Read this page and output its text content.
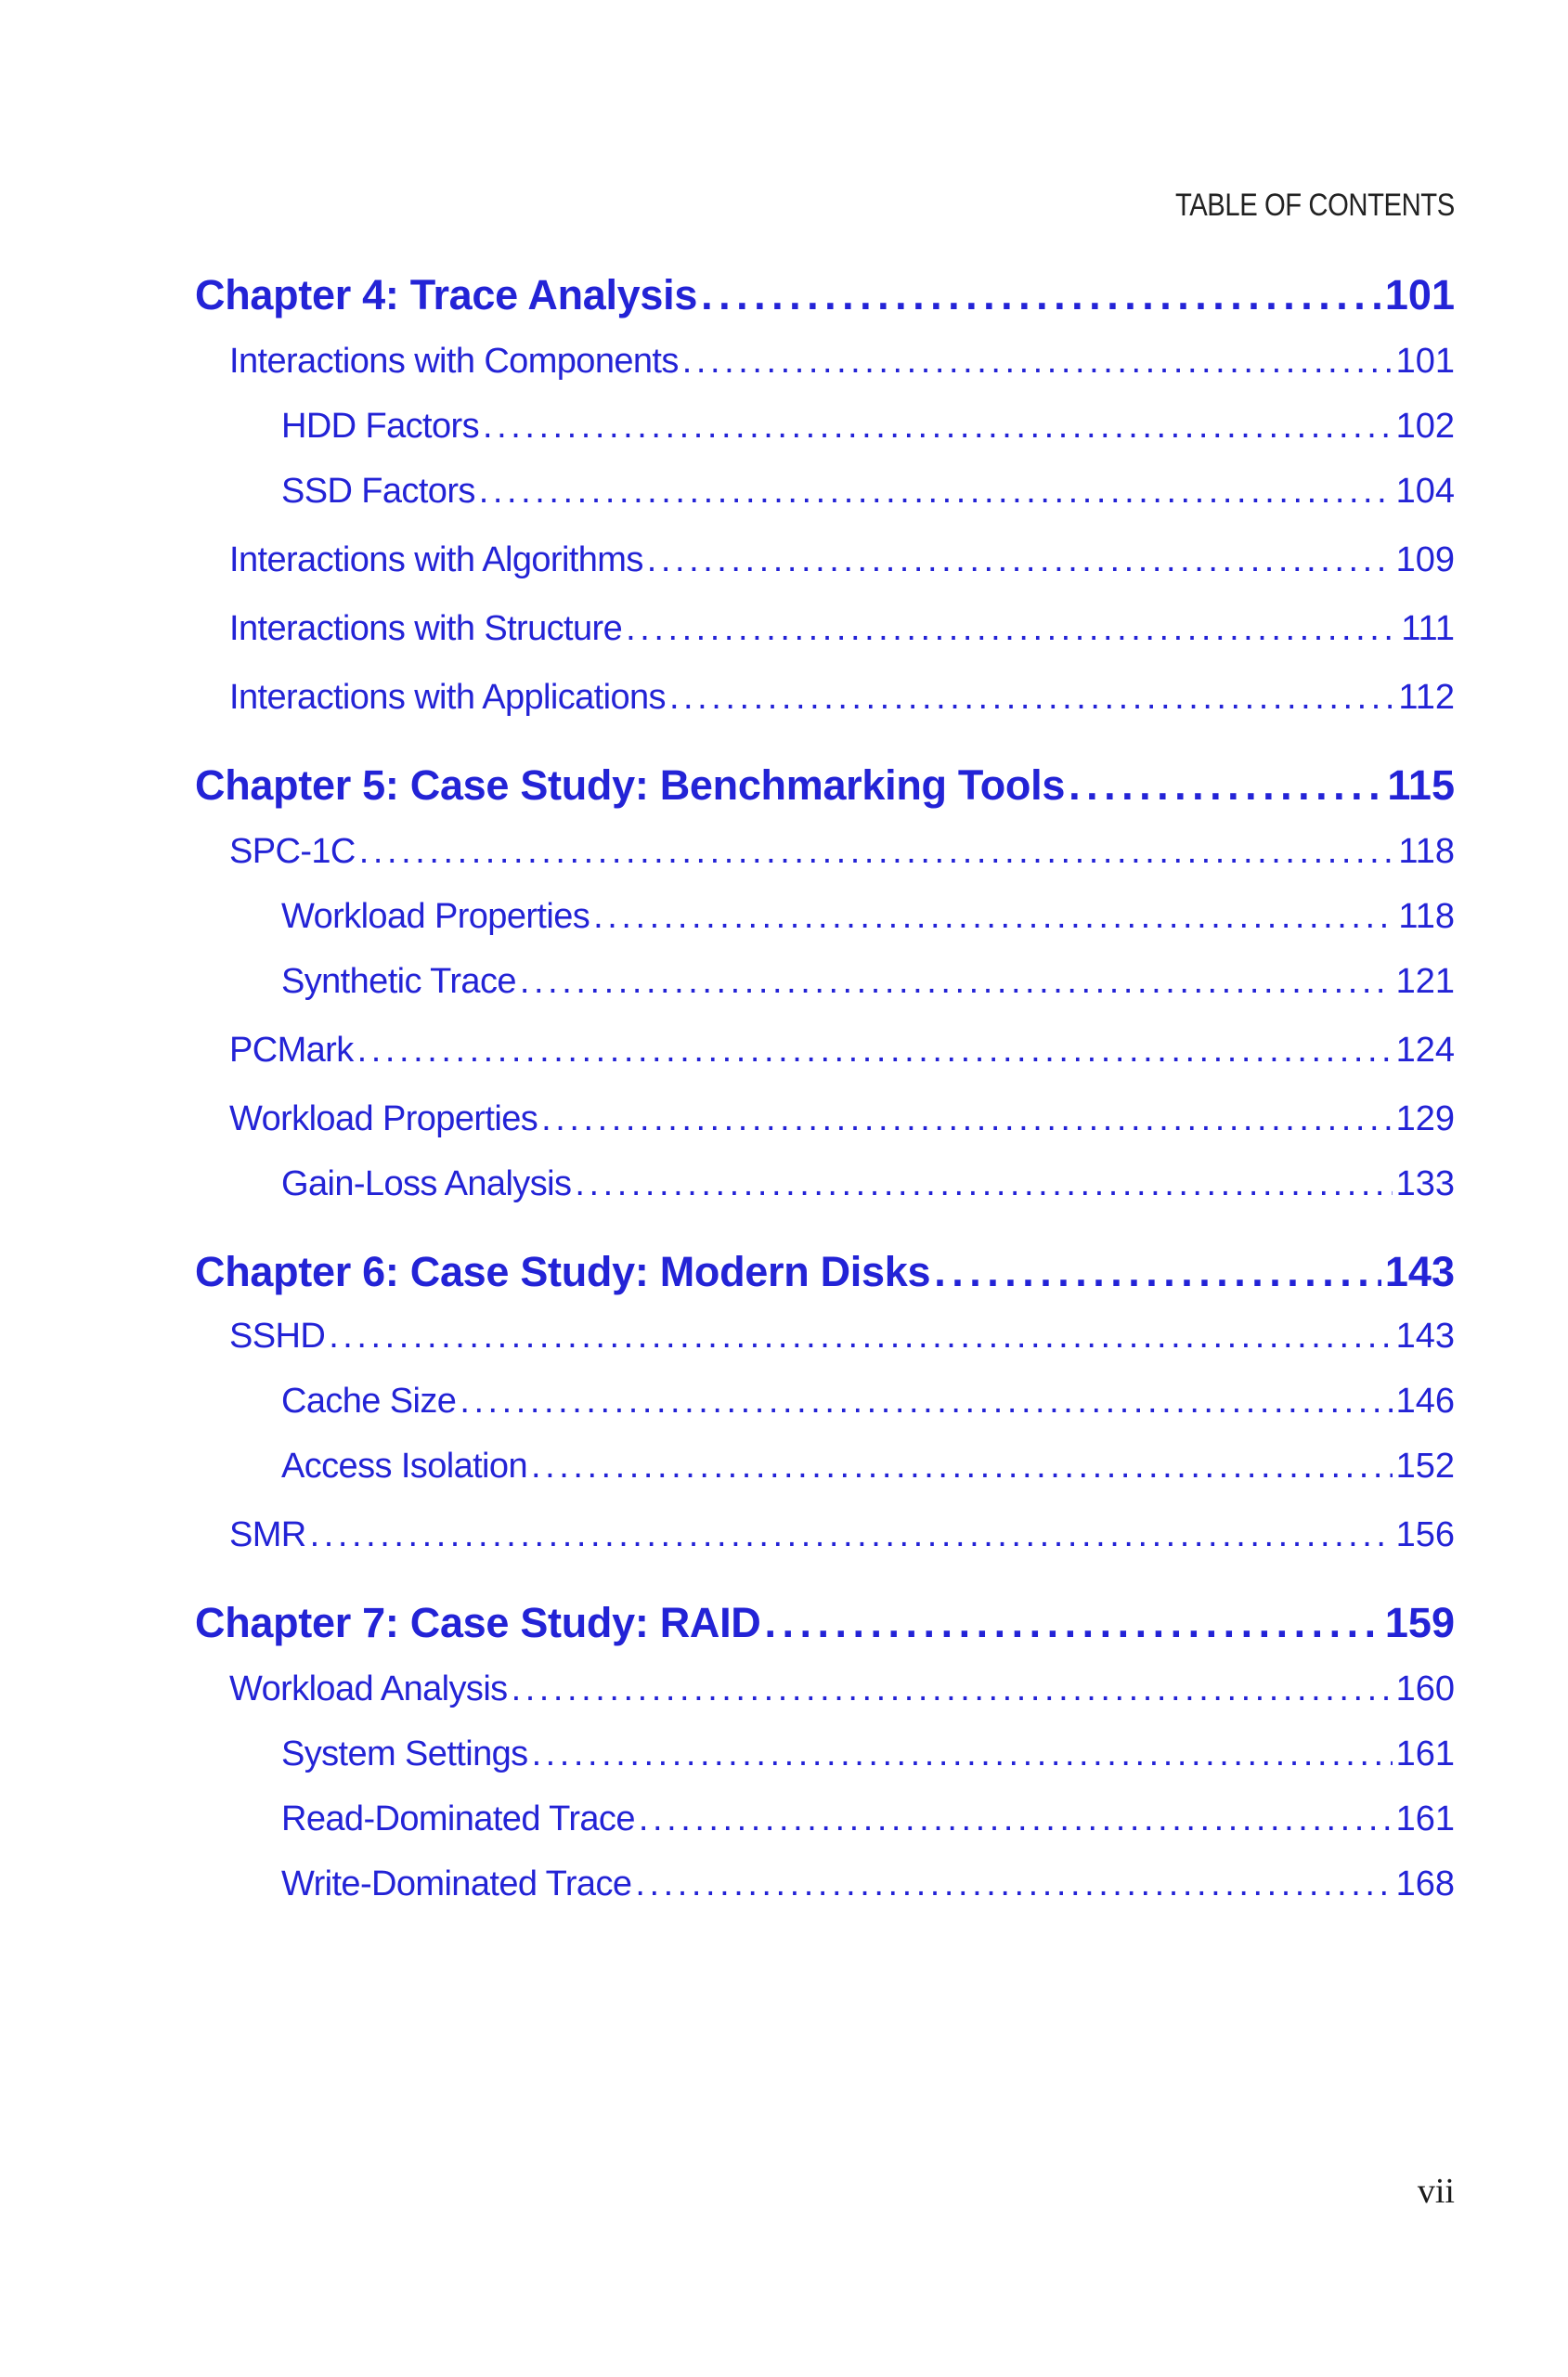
TABLE OF CONTENTS
Chapter 4: Trace Analysis . . .	101
Interactions with Components . . .	101
HDD Factors . . .	102
SSD Factors . . .	104
Interactions with Algorithms . . .	109
Interactions with Structure . . .	111
Interactions with Applications . . .	112
Chapter 5: Case Study: Benchmarking Tools . . .	115
SPC-1C . . .	118
Workload Properties . . .	118
Synthetic Trace . . .	121
PCMark . . .	124
Workload Properties . . .	129
Gain-Loss Analysis . . .	133
Chapter 6: Case Study: Modern Disks . . .	143
SSHD . . .	143
Cache Size . . .	146
Access Isolation . . .	152
SMR . . .	156
Chapter 7: Case Study: RAID . . .	159
Workload Analysis . . .	160
System Settings . . .	161
Read-Dominated Trace . . .	161
Write-Dominated Trace . . .	168
vii
